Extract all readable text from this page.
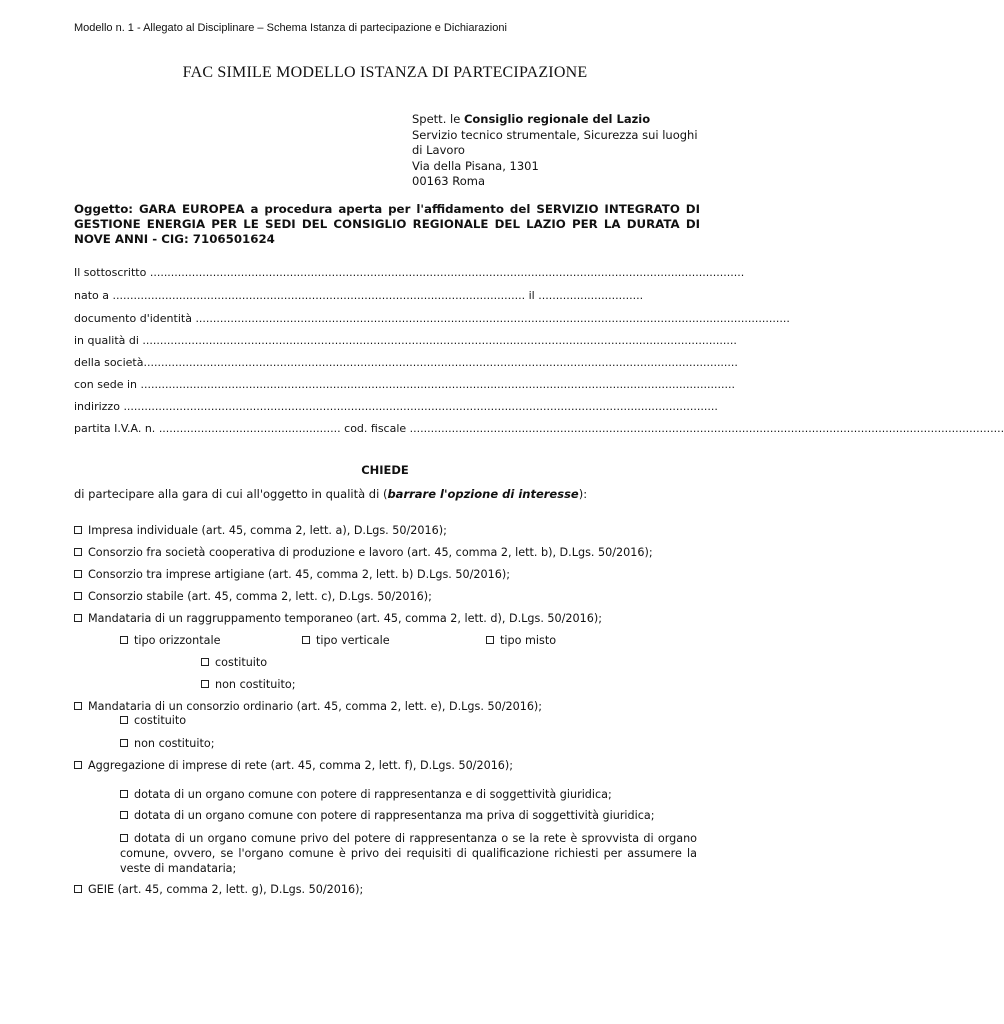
Modello n. 1 - Allegato al Disciplinare – Schema Istanza di partecipazione e Dichiarazioni
FAC SIMILE MODELLO ISTANZA DI PARTECIPAZIONE
Spett. le Consiglio regionale del Lazio
Servizio tecnico strumentale, Sicurezza sui luoghi
di Lavoro
Via della Pisana, 1301
00163 Roma
Oggetto: GARA EUROPEA a procedura aperta per l'affidamento del SERVIZIO INTEGRATO DI GESTIONE ENERGIA PER LE SEDI DEL CONSIGLIO REGIONALE DEL LAZIO PER LA DURATA DI NOVE ANNI - CIG: 7106501624
Il sottoscritto ..........................................................................................................................................................................
nato a ...................................................................................................................... il ..............................
documento d'identità ..........................................................................................................................................................................
in qualità di ..........................................................................................................................................................................
della società..........................................................................................................................................................................
con sede in ..........................................................................................................................................................................
indirizzo ..........................................................................................................................................................................
partita I.V.A. n. .................................................... cod. fiscale ..........................................................................................................................................................................
CHIEDE
di partecipare alla gara di cui all'oggetto in qualità di (barrare l'opzione di interesse):
Impresa individuale (art. 45, comma 2, lett. a), D.Lgs. 50/2016);
Consorzio fra società cooperativa di produzione e lavoro (art. 45, comma 2, lett. b), D.Lgs. 50/2016);
Consorzio tra imprese artigiane (art. 45, comma 2, lett. b) D.Lgs. 50/2016);
Consorzio stabile (art. 45, comma 2, lett. c), D.Lgs. 50/2016);
Mandataria di un raggruppamento temporaneo (art. 45, comma 2, lett. d), D.Lgs. 50/2016);
tipo orizzontale	tipo verticale	tipo misto
costituito
non costituito;
Mandataria di un consorzio ordinario (art. 45, comma 2, lett. e), D.Lgs. 50/2016);
costituito
non costituito;
Aggregazione di imprese di rete (art. 45, comma 2, lett. f), D.Lgs. 50/2016);
dotata di un organo comune con potere di rappresentanza e di soggettività giuridica;
dotata di un organo comune con potere di rappresentanza ma priva di soggettività giuridica;
dotata di un organo comune privo del potere di rappresentanza o se la rete è sprovvista di organo comune, ovvero, se l'organo comune è privo dei requisiti di qualificazione richiesti per assumere la veste di mandataria;
GEIE (art. 45, comma 2, lett. g), D.Lgs. 50/2016);
